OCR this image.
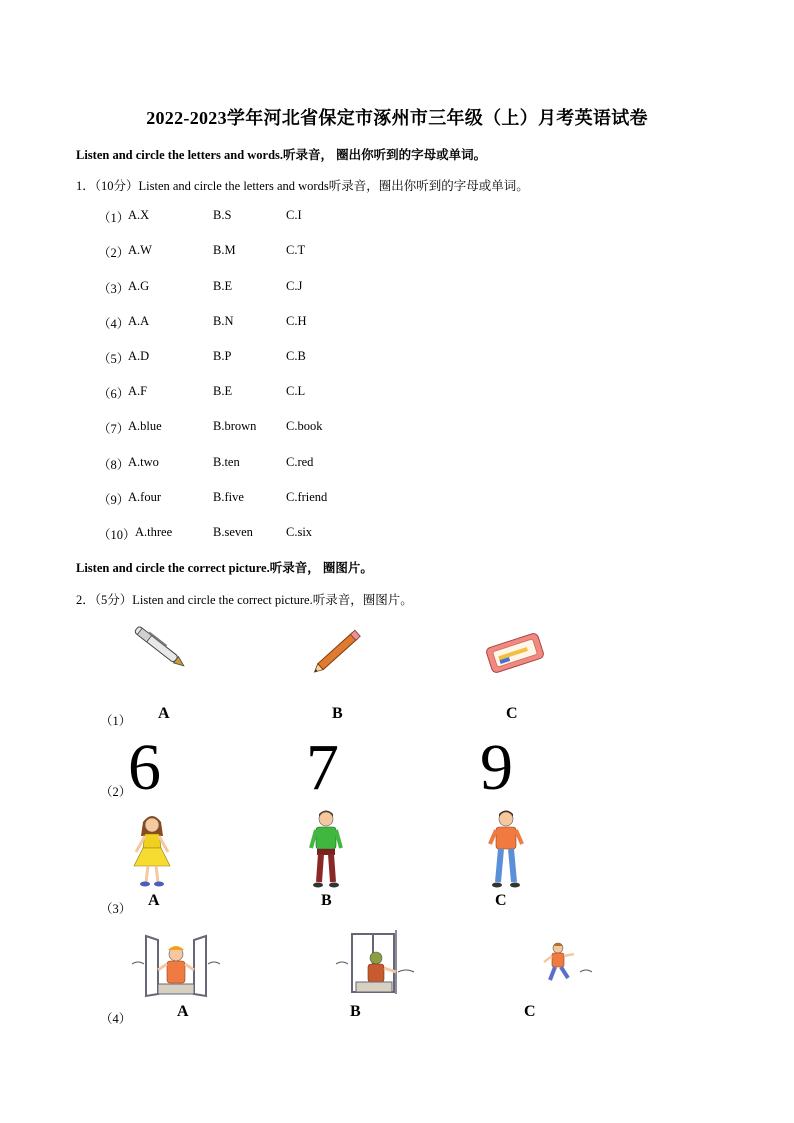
2022-2023学年河北省保定市涿州市三年级（上）月考英语试卷
Listen and circle the letters and words.听录音， 圈出你听到的字母或单词。
1．（10分）Listen and circle the letters and words听录音，圈出你听到的字母或单词。
（1）
A.X	B.S	C.I
（2）
A.W	B.M	C.T
（3）
A.G	B.E	C.J
（4）
A.A	B.N	C.H
（5）
A.D	B.P	C.B
（6）
A.F	B.E	C.L
（7）
A.blue	B.brown C.book
（8）
A.two	B.ten	C.red
（9）
A.four	B.five	C.friend
（10） A.three	B.seven	C.six
Listen and circle the correct picture.听录音， 圈图片。
2．（5分）Listen and circle the correct picture.听录音，圈图片。
（1） A	B	C
（2）
6 7 9
（3） A	B	C
（4）	A	B	C
